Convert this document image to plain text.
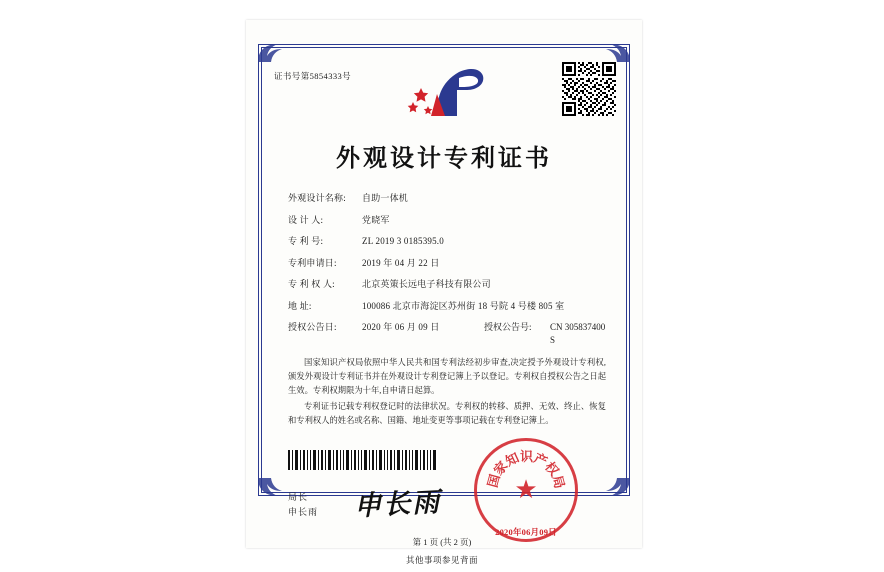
证书号第5854333号
外观设计专利证书
外观设计名称:	自助一体机
设 计 人:	党晓军
专 利 号:	ZL 2019 3 0185395.0
专利申请日:	2019 年 04 月 22 日
专 利 权 人:	北京英策长远电子科技有限公司
地 址:	100086 北京市海淀区苏州街 18 号院 4 号楼 805 室
授权公告日:	2020 年 06 月 09 日	授权公告号:	CN 305837400 S

国家知识产权局依照中华人民共和国专利法经初步审查,决定授予外观设计专利权,颁发外观设计专利证书并在外观设计专利登记簿上予以登记。专利权自授权公告之日起生效。专利权期限为十年,自申请日起算。

专利证书记载专利权登记时的法律状况。专利权的转移、质押、无效、终止、恢复和专利权人的姓名或名称、国籍、地址变更等事项记载在专利登记簿上。

★
国
家
知
识
产
权
局
2020年06月09日
局长
申长雨 申长雨
第 1 页 (共 2 页)
其他事项参见背面
